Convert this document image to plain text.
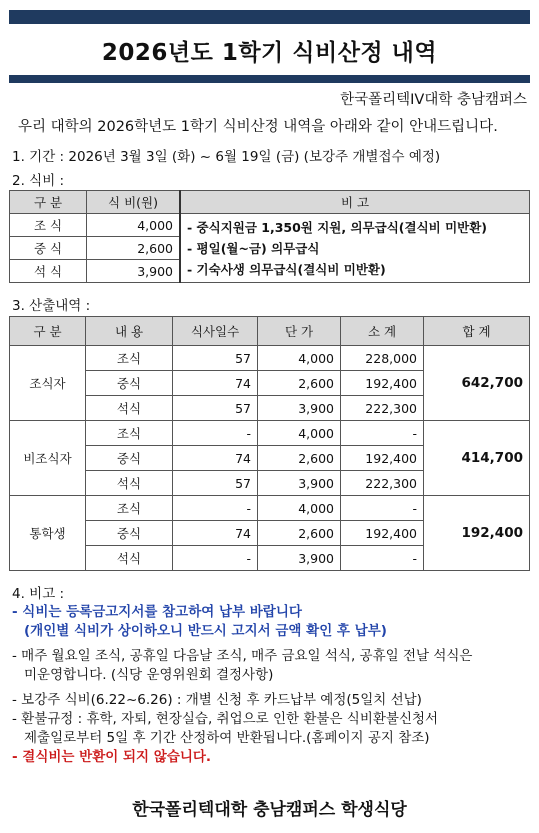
2026년도 1학기 식비산정 내역
한국폴리텍IV대학 충남캠퍼스
우리 대학의 2026학년도 1학기 식비산정 내역을 아래와 같이 안내드립니다.
1. 기간 : 2026년 3월 3일 (화) ~ 6월 19일 (금) (보강주 개별접수 예정)
2. 식비 :
구 분	식 비(원)	비 고
조 식	4,000	- 중식지원금 1,350원 지원, 의무급식(결식비 미반환)
- 평일(월~금) 의무급식
- 기숙사생 의무급식(결식비 미반환)

중 식	2,600	
석 식	3,900	
3. 산출내역 :
구 분	내 용	식사일수	단 가	소 계	합 계
조식자	조식	57	4,000	228,000	642,700
	중식	74	2,600	192,400	
	석식	57	3,900	222,300	
비조식자	조식	-	4,000	-	414,700
	중식	74	2,600	192,400	
	석식	57	3,900	222,300	
통학생	조식	-	4,000	-	192,400
	중식	74	2,600	192,400	
	석식	-	3,900	-	
4. 비고 :
- 식비는 등록금고지서를 참고하여 납부 바랍니다
(개인별 식비가 상이하오니 반드시 고지서 금액 확인 후 납부)
- 매주 월요일 조식, 공휴일 다음날 조식, 매주 금요일 석식, 공휴일 전날 석식은
미운영합니다. (식당 운영위원회 결정사항)
- 보강주 식비(6.22~6.26) : 개별 신청 후 카드납부 예정(5일치 선납)
- 환불규정 : 휴학, 자퇴, 현장실습, 취업으로 인한 환불은 식비환불신청서
제출일로부터 5일 후 기간 산정하여 반환됩니다.(홈페이지 공지 참조)
- 결식비는 반환이 되지 않습니다.
한국폴리텍대학 충남캠퍼스 학생식당
